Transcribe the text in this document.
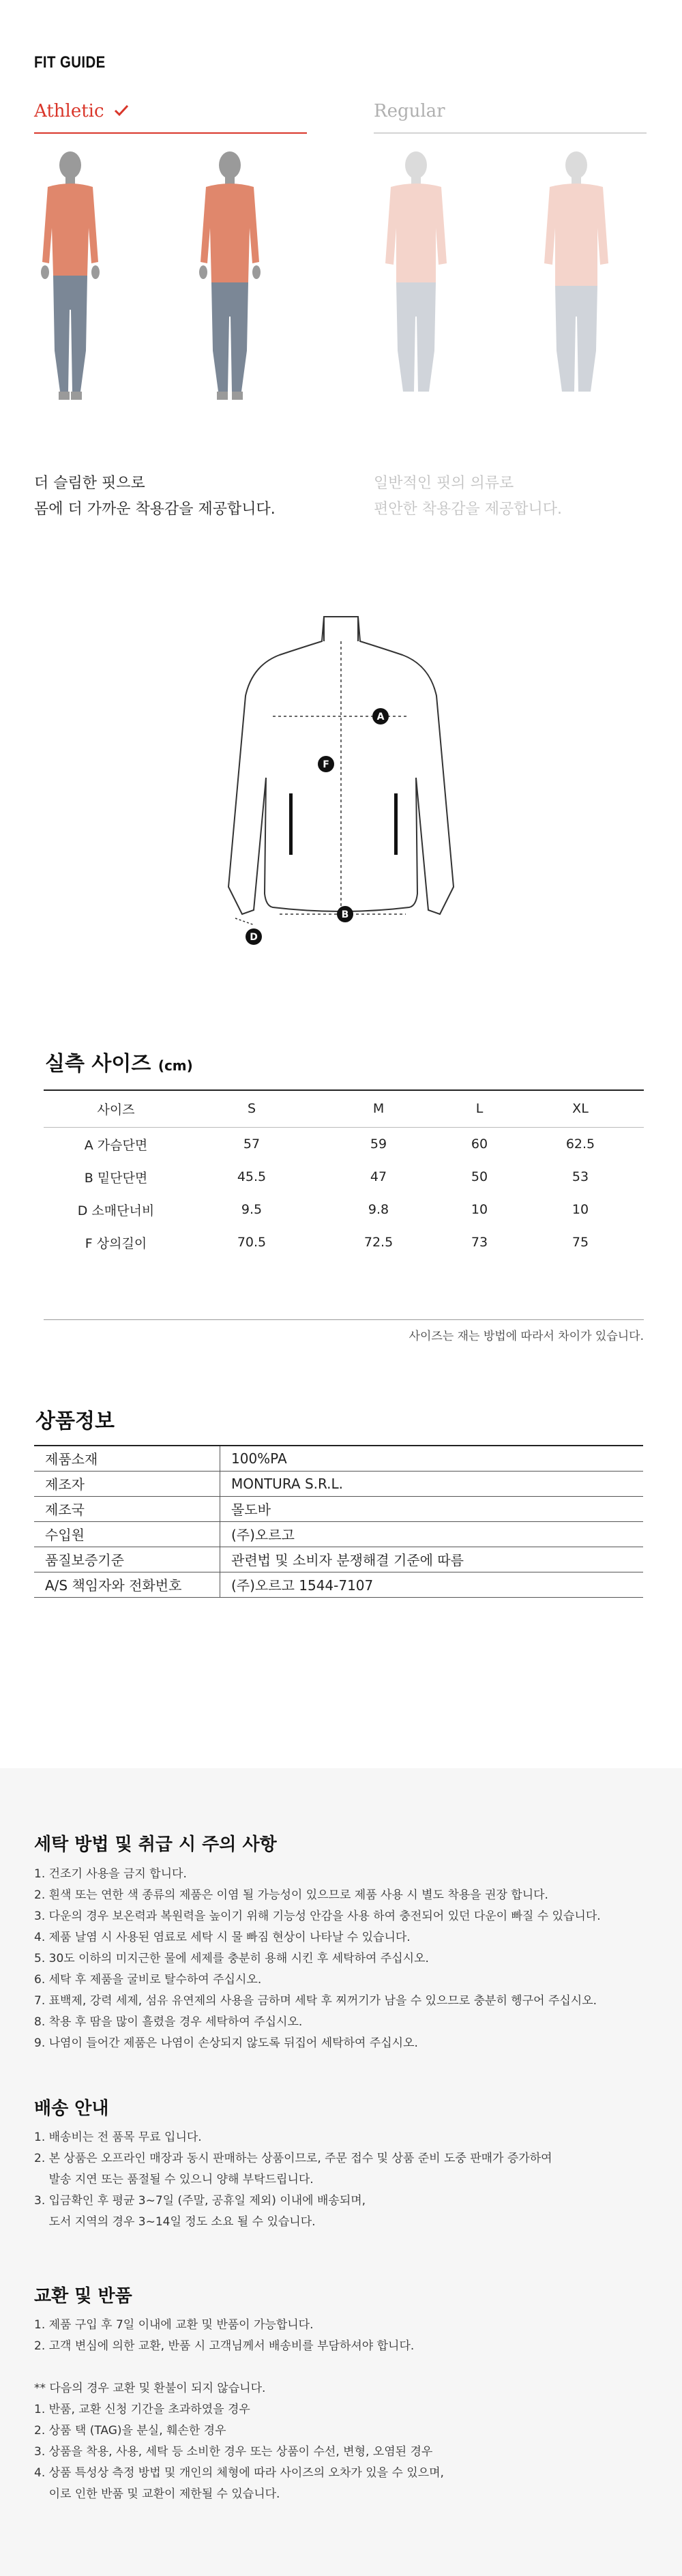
FIT GUIDE
Athletic	Regular
더 슬림한 핏으로
몸에 더 가까운 착용감을 제공합니다.
일반적인 핏의 의류로
편안한 착용감을 제공합니다.
A
F
B
D
실측 사이즈 (cm)
사이즈	S	M	L	XL
A 가슴단면	57	59	60	62.5
B 밑단단면	45.5	47	50	53
D 소매단너비	9.5	9.8	10	10
F 상의길이	70.5	72.5	73	75
사이즈는 재는 방법에 따라서 차이가 있습니다.
상품정보
제품소재	100%PA
제조자	MONTURA S.R.L.
제조국	몰도바
수입원	(주)오르고
품질보증기준	관련법 및 소비자 분쟁해결 기준에 따름
A/S 책임자와 전화번호	(주)오르고 1544-7107
세탁 방법 및 취급 시 주의 사항
1. 건조기 사용을 금지 합니다.
2. 흰색 또는 연한 색 종류의 제품은 이염 될 가능성이 있으므로 제품 사용 시 별도 착용을 권장 합니다.
3. 다운의 경우 보온력과 복원력을 높이기 위해 기능성 안감을 사용 하여 충전되어 있던 다운이 빠질 수 있습니다.
4. 제품 날염 시 사용된 염료로 세탁 시 물 빠짐 현상이 나타날 수 있습니다.
5. 30도 이하의 미지근한 물에 세제를 충분히 용해 시킨 후 세탁하여 주십시오.
6. 세탁 후 제품을 굴비로 탈수하여 주십시오.
7. 표백제, 강력 세제, 섬유 유연제의 사용을 금하며 세탁 후 찌꺼기가 남을 수 있으므로 충분히 헹구어 주십시오.
8. 착용 후 땀을 많이 흘렸을 경우 세탁하여 주십시오.
9. 나염이 들어간 제품은 나염이 손상되지 않도록 뒤집어 세탁하여 주십시오.
배송 안내
1. 배송비는 전 품목 무료 입니다.
2. 본 상품은 오프라인 매장과 동시 판매하는 상품이므로, 주문 접수 및 상품 준비 도중 판매가 증가하여
발송 지연 또는 품절될 수 있으니 양해 부탁드립니다.
3. 입금확인 후 평균 3~7일 (주말, 공휴일 제외) 이내에 배송되며,
도서 지역의 경우 3~14일 정도 소요 될 수 있습니다.
교환 및 반품
1. 제품 구입 후 7일 이내에 교환 및 반품이 가능합니다.
2. 고객 변심에 의한 교환, 반품 시 고객님께서 배송비를 부담하셔야 합니다.
** 다음의 경우 교환 및 환불이 되지 않습니다.
1. 반품, 교환 신청 기간을 초과하였을 경우
2. 상품 택 (TAG)을 분실, 훼손한 경우
3. 상품을 착용, 사용, 세탁 등 소비한 경우 또는 상품이 수선, 변형, 오염된 경우
4. 상품 특성상 측정 방법 및 개인의 체형에 따라 사이즈의 오차가 있을 수 있으며,
이로 인한 반품 및 교환이 제한될 수 있습니다.
